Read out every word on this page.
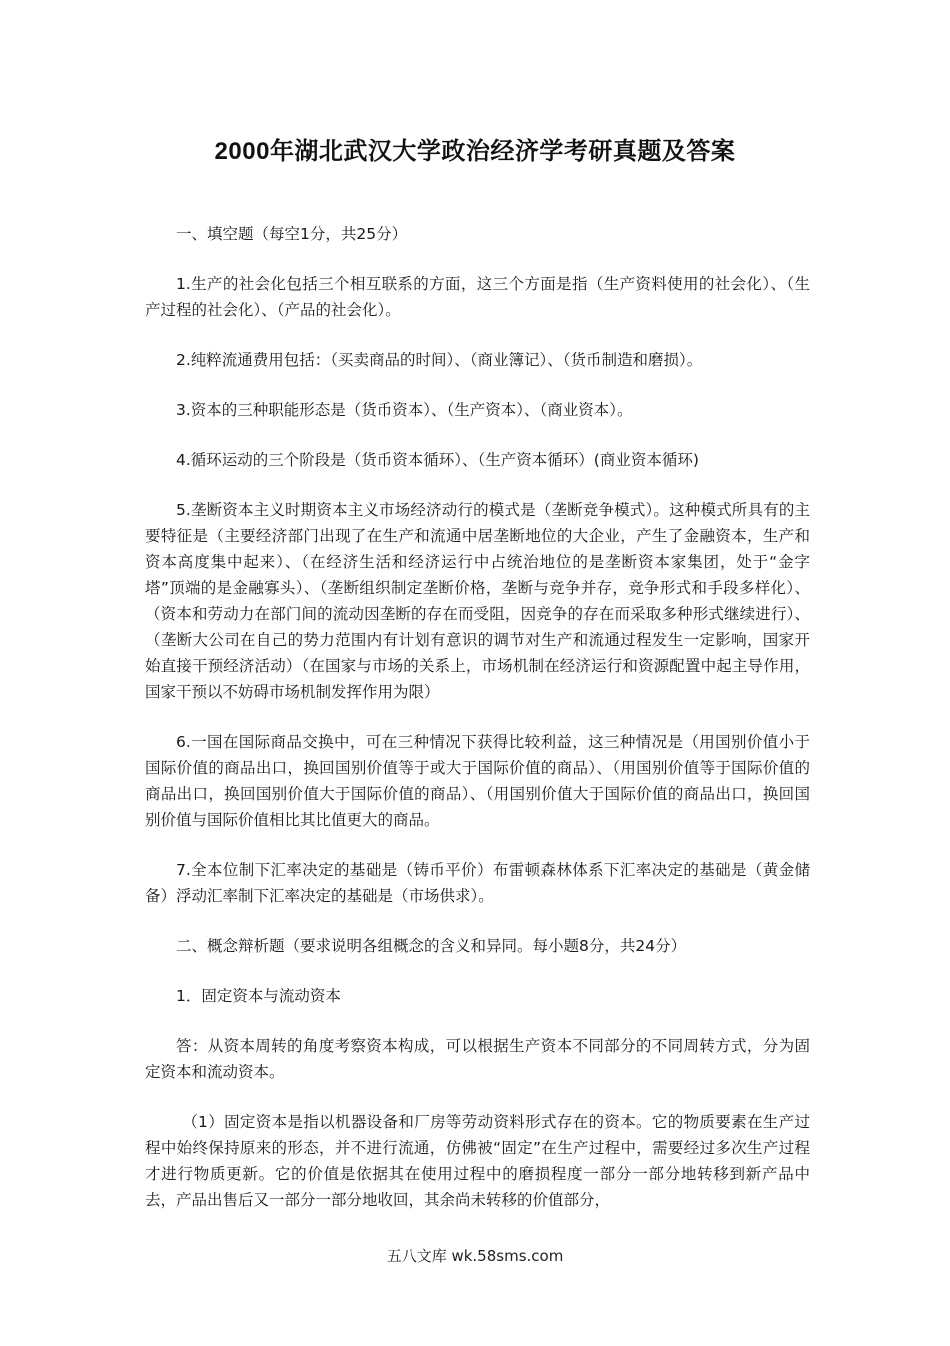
2000年湖北武汉大学政治经济学考研真题及答案

一、填空题（每空1分，共25分）

1.生产的社会化包括三个相互联系的方面，这三个方面是指（生产资料使用的社会化）、（生产过程的社会化）、（产品的社会化）。

2.纯粹流通费用包括：（买卖商品的时间）、（商业簿记）、（货币制造和磨损）。

3.资本的三种职能形态是（货币资本）、（生产资本）、（商业资本）。

4.循环运动的三个阶段是（货币资本循环）、（生产资本循环）(商业资本循环)

5.垄断资本主义时期资本主义市场经济动行的模式是（垄断竞争模式）。这种模式所具有的主要特征是（主要经济部门出现了在生产和流通中居垄断地位的大企业，产生了金融资本，生产和资本高度集中起来）、（在经济生活和经济运行中占统治地位的是垄断资本家集团，处于“金字塔”顶端的是金融寡头）、（垄断组织制定垄断价格，垄断与竞争并存，竞争形式和手段多样化）、（资本和劳动力在部门间的流动因垄断的存在而受阻，因竞争的存在而采取多种形式继续进行）、（垄断大公司在自己的势力范围内有计划有意识的调节对生产和流通过程发生一定影响，国家开始直接干预经济活动）（在国家与市场的关系上，市场机制在经济运行和资源配置中起主导作用，国家干预以不妨碍市场机制发挥作用为限）

6.一国在国际商品交换中，可在三种情况下获得比较利益，这三种情况是（用国别价值小于国际价值的商品出口，换回国别价值等于或大于国际价值的商品）、（用国别价值等于国际价值的商品出口，换回国别价值大于国际价值的商品）、（用国别价值大于国际价值的商品出口，换回国别价值与国际价值相比其比值更大的商品。

7.全本位制下汇率决定的基础是（铸币平价）布雷顿森林体系下汇率决定的基础是（黄金储备）浮动汇率制下汇率决定的基础是（市场供求）。

二、概念辩析题（要求说明各组概念的含义和异同。每小题8分，共24分）

1．固定资本与流动资本

答：从资本周转的角度考察资本构成，可以根据生产资本不同部分的不同周转方式，分为固定资本和流动资本。

（1）固定资本是指以机器设备和厂房等劳动资料形式存在的资本。它的物质要素在生产过程中始终保持原来的形态，并不进行流通，仿佛被“固定”在生产过程中，需要经过多次生产过程才进行物质更新。它的价值是依据其在使用过程中的磨损程度一部分一部分地转移到新产品中去，产品出售后又一部分一部分地收回，其余尚未转移的价值部分，

五八文库 wk.58sms.com
